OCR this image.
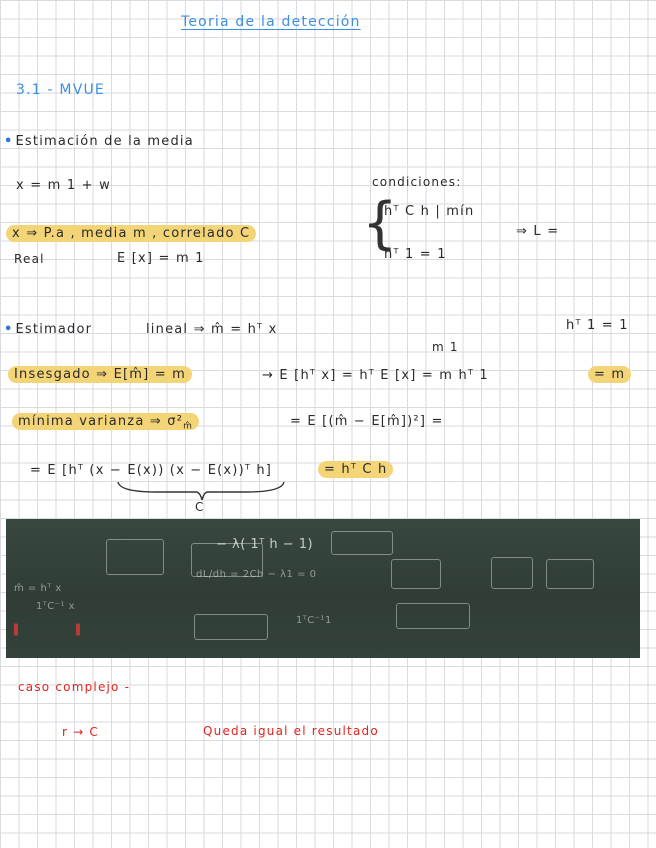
Teoria de la detección
3.1 - MVUE
• Estimación de la media
x = m 1 + w
x ⇒ P.a , media m , correlado C
Real	E [x] = m 1
condiciones:
{
hᵀ C h | mín
hᵀ 1 = 1
⇒ L =
• Estimador	lineal ⇒ m̂ = hᵀ x	hᵀ 1 = 1
m 1
Insesgado ⇒ E[m̂] = m	→ E [hᵀ x] = hᵀ E [x] = m hᵀ 1	= m
mínima varianza ⇒ $\sigma^2_{m̂}$	= E [(m̂ − E[m̂])²] =
= E [hᵀ (x − E(x)) (x − E(x))ᵀ h]	= hᵀ C h
C
− λ( 1ᵀ h − 1)
m̂ = hᵀ x
dL/dh = 2Ch − λ1 = 0
1ᵀC⁻¹ x
1ᵀC⁻¹1
▌	▌
caso complejo -
r → C	Queda igual el resultado
